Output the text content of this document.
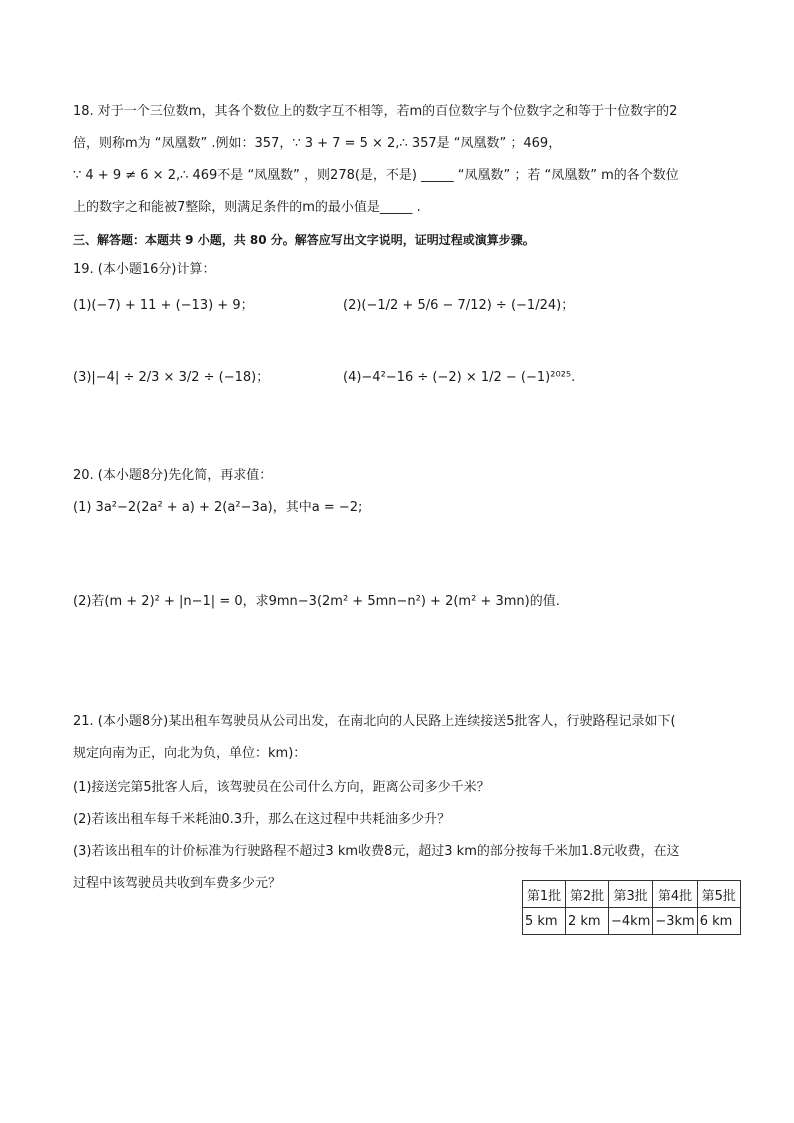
18. 对于一个三位数m，其各个数位上的数字互不相等，若m的百位数字与个位数字之和等于十位数字的2
倍，则称m为 “凤凰数” .例如：357，∵ 3 + 7 = 5 × 2,∴ 357是 “凤凰数” ；469，
∵ 4 + 9 ≠ 6 × 2,∴ 469不是 “凤凰数” ，则278(是，不是) _____ “凤凰数” ；若 “凤凰数” m的各个数位
上的数字之和能被7整除，则满足条件的m的最小值是_____ .
三、解答题：本题共 9 小题，共 80 分。解答应写出文字说明，证明过程或演算步骤。
19. (本小题16分)计算：
(1)(−7) + 11 + (−13) + 9；	(2)(−1/2 + 5/6 − 7/12) ÷ (−1/24)；
(3)|−4| ÷ 2/3 × 3/2 ÷ (−18)；	(4)−4²−16 ÷ (−2) × 1/2 − (−1)²⁰²⁵.
20. (本小题8分)先化简，再求值：
(1) 3a²−2(2a² + a) + 2(a²−3a)，其中a = −2;
(2)若(m + 2)² + |n−1| = 0，求9mn−3(2m² + 5mn−n²) + 2(m² + 3mn)的值.
21. (本小题8分)某出租车驾驶员从公司出发，在南北向的人民路上连续接送5批客人，行驶路程记录如下(
规定向南为正，向北为负，单位：km)：
(1)接送完第5批客人后，该驾驶员在公司什么方向，距离公司多少千米？
(2)若该出租车每千米耗油0.3升，那么在这过程中共耗油多少升？
(3)若该出租车的计价标准为行驶路程不超过3 km收费8元，超过3 km的部分按每千米加1.8元收费，在这
过程中该驾驶员共收到车费多少元？
第1批	第2批	第3批	第4批	第5批
5 km	2 km	−4km	−3km	6 km
